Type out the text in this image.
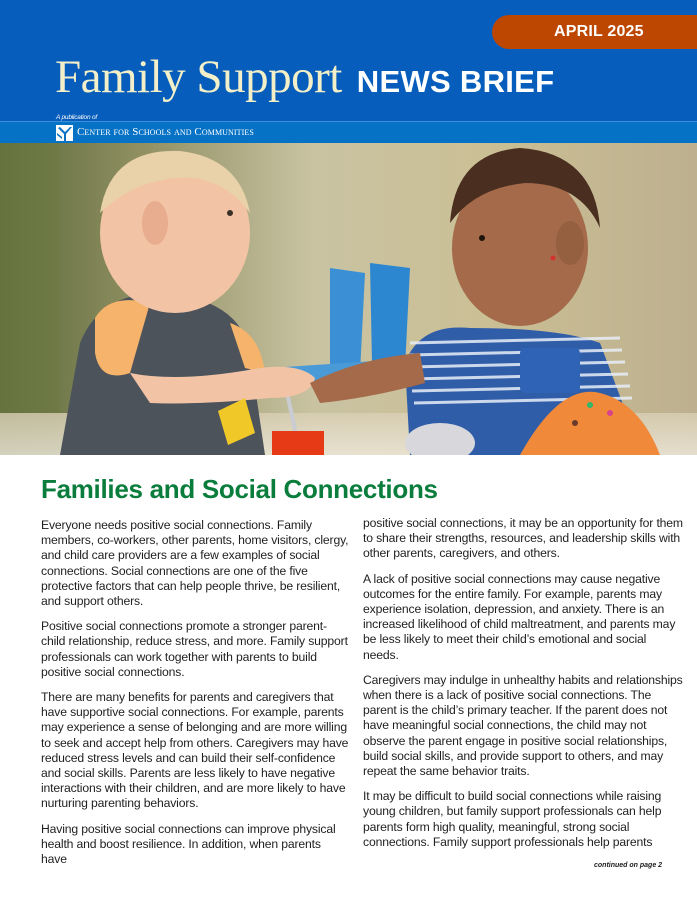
APRIL 2025
Family Support NEWS BRIEF
A publication of
Center for Schools and Communities
Families and Social Connections

Everyone needs positive social connections. Family members, co-workers, other parents, home visitors, clergy, and child care providers are a few examples of social connections. Social connections are one of the five protective factors that can help people thrive, be resilient, and support others.

Positive social connections promote a stronger parent-child relationship, reduce stress, and more. Family support professionals can work together with parents to build positive social connections.

There are many benefits for parents and caregivers that have supportive social connections. For example, parents may experience a sense of belonging and are more willing to seek and accept help from others. Caregivers may have reduced stress levels and can build their self-confidence and social skills. Parents are less likely to have negative interactions with their children, and are more likely to have nurturing parenting behaviors.

Having positive social connections can improve physical health and boost resilience. In addition, when parents have

positive social connections, it may be an opportunity for them to share their strengths, resources, and leadership skills with other parents, caregivers, and others.

A lack of positive social connections may cause negative outcomes for the entire family. For example, parents may experience isolation, depression, and anxiety. There is an increased likelihood of child maltreatment, and parents may be less likely to meet their child’s emotional and social needs.

Caregivers may indulge in unhealthy habits and relationships when there is a lack of positive social connections. The parent is the child’s primary teacher. If the parent does not have meaningful social connections, the child may not observe the parent engage in positive social relationships, build social skills, and provide support to others, and may repeat the same behavior traits.

It may be difficult to build social connections while raising young children, but family support professionals can help parents form high quality, meaningful, strong social connections. Family support professionals help parents

continued on page 2
